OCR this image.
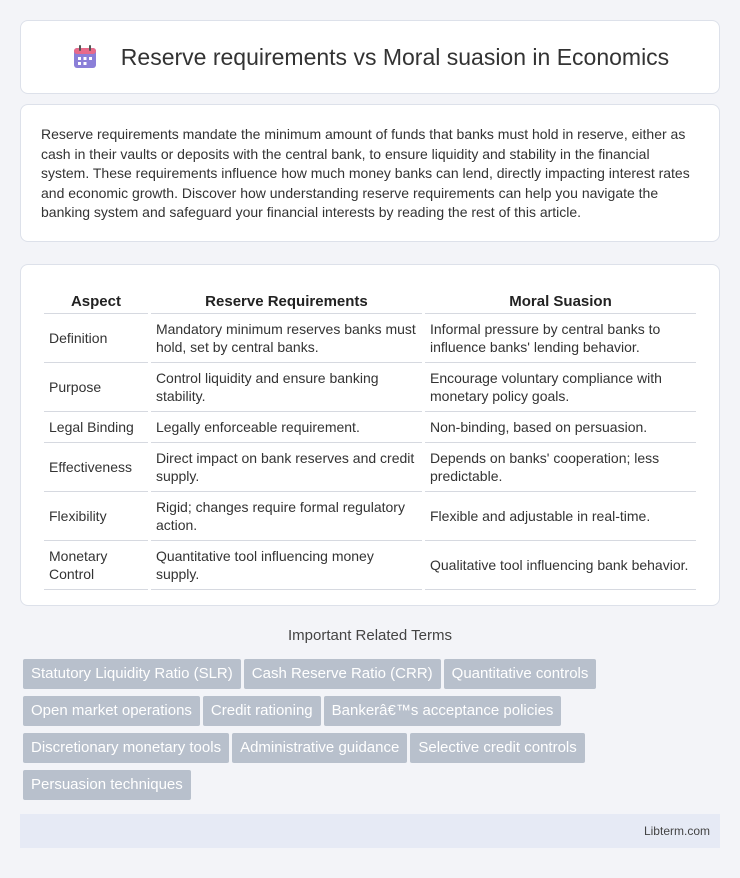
Reserve requirements vs Moral suasion in Economics

Reserve requirements mandate the minimum amount of funds that banks must hold in reserve, either as cash in their vaults or deposits with the central bank, to ensure liquidity and stability in the financial system. These requirements influence how much money banks can lend, directly impacting interest rates and economic growth. Discover how understanding reserve requirements can help you navigate the banking system and safeguard your financial interests by reading the rest of this article.

Aspect	Reserve Requirements	Moral Suasion
Definition	Mandatory minimum reserves banks must hold, set by central banks.	Informal pressure by central banks to influence banks' lending behavior.
Purpose	Control liquidity and ensure banking stability.	Encourage voluntary compliance with monetary policy goals.
Legal Binding	Legally enforceable requirement.	Non-binding, based on persuasion.
Effectiveness	Direct impact on bank reserves and credit supply.	Depends on banks' cooperation; less predictable.
Flexibility	Rigid; changes require formal regulatory action.	Flexible and adjustable in real-time.
Monetary Control	Quantitative tool influencing money supply.	Qualitative tool influencing bank behavior.
Important Related Terms
Statutory Liquidity Ratio (SLR) Cash Reserve Ratio (CRR) Quantitative controlsOpen market operations Credit rationing Bankerâ€™s acceptance policiesDiscretionary monetary tools Administrative guidance Selective credit controlsPersuasion techniques
Libterm.com
